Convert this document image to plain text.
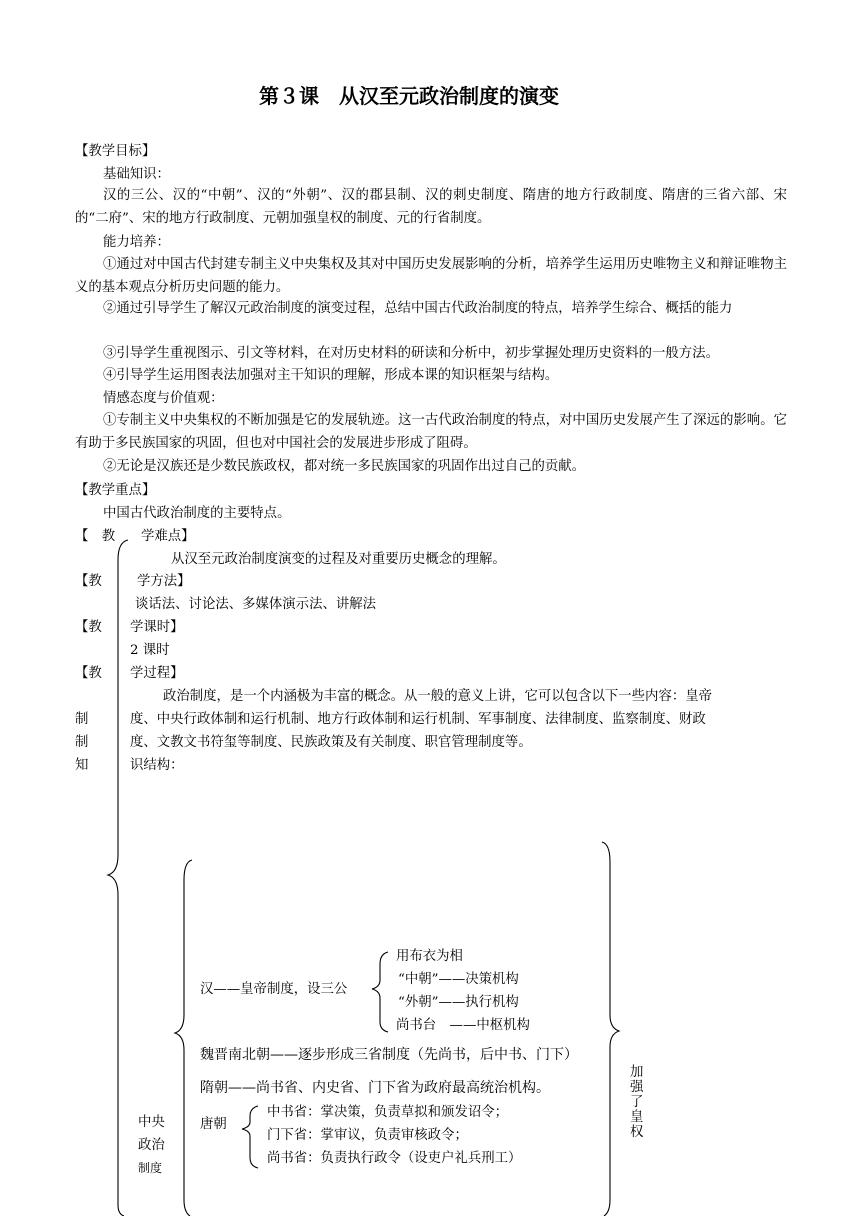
第３课　从汉至元政治制度的演变
【教学目标】
基础知识：
汉的三公、汉的“中朝”、汉的“外朝”、汉的郡县制、汉的刺史制度、隋唐的地方行政制度、隋唐的三省六部、宋的“二府”、宋的地方行政制度、元朝加强皇权的制度、元的行省制度。
能力培养：
①通过对中国古代封建专制主义中央集权及其对中国历史发展影响的分析，培养学生运用历史唯物主义和辩证唯物主义的基本观点分析历史问题的能力。
②通过引导学生了解汉元政治制度的演变过程，总结中国古代政治制度的特点，培养学生综合、概括的能力
③引导学生重视图示、引文等材料，在对历史材料的研读和分析中，初步掌握处理历史资料的一般方法。
④引导学生运用图表法加强对主干知识的理解，形成本课的知识框架与结构。
情感态度与价值观：
①专制主义中央集权的不断加强是它的发展轨迹。这一古代政治制度的特点，对中国历史发展产生了深远的影响。它有助于多民族国家的巩固，但也对中国社会的发展进步形成了阻碍。
②无论是汉族还是少数民族政权，都对统一多民族国家的巩固作出过自己的贡献。
【教学重点】
中国古代政治制度的主要特点。
【　教 学难点】
从汉至元政治制度演变的过程及对重要历史概念的理解。
【教	学方法】
谈话法、讨论法、多媒体演示法、讲解法
【教 学课时】
2 课时
【教 学过程】
政治制度，是一个内涵极为丰富的概念。从一般的意义上讲，它可以包含以下一些内容：皇帝
度、中央行政体制和运行机制、地方行政体制和运行机制、军事制度、法律制度、监察制度、财政
度、文教文书符玺等制度、民族政策及有关制度、职官管理制度等。
识结构：
制
制
知
汉——皇帝制度，设三公
用布衣为相
“中朝”——决策机构
“外朝”——执行机构
尚书台　——中枢机构
魏晋南北朝——逐步形成三省制度（先尚书，后中书、门下）
隋朝——尚书省、内史省、门下省为政府最高统治机构。
唐朝
中书省：掌决策，负责草拟和颁发诏令；
门下省：掌审议，负责审核政令；
尚书省：负责执行政令（设吏户礼兵刑工）
中央
政治
制度
加
强
了
皇
权
